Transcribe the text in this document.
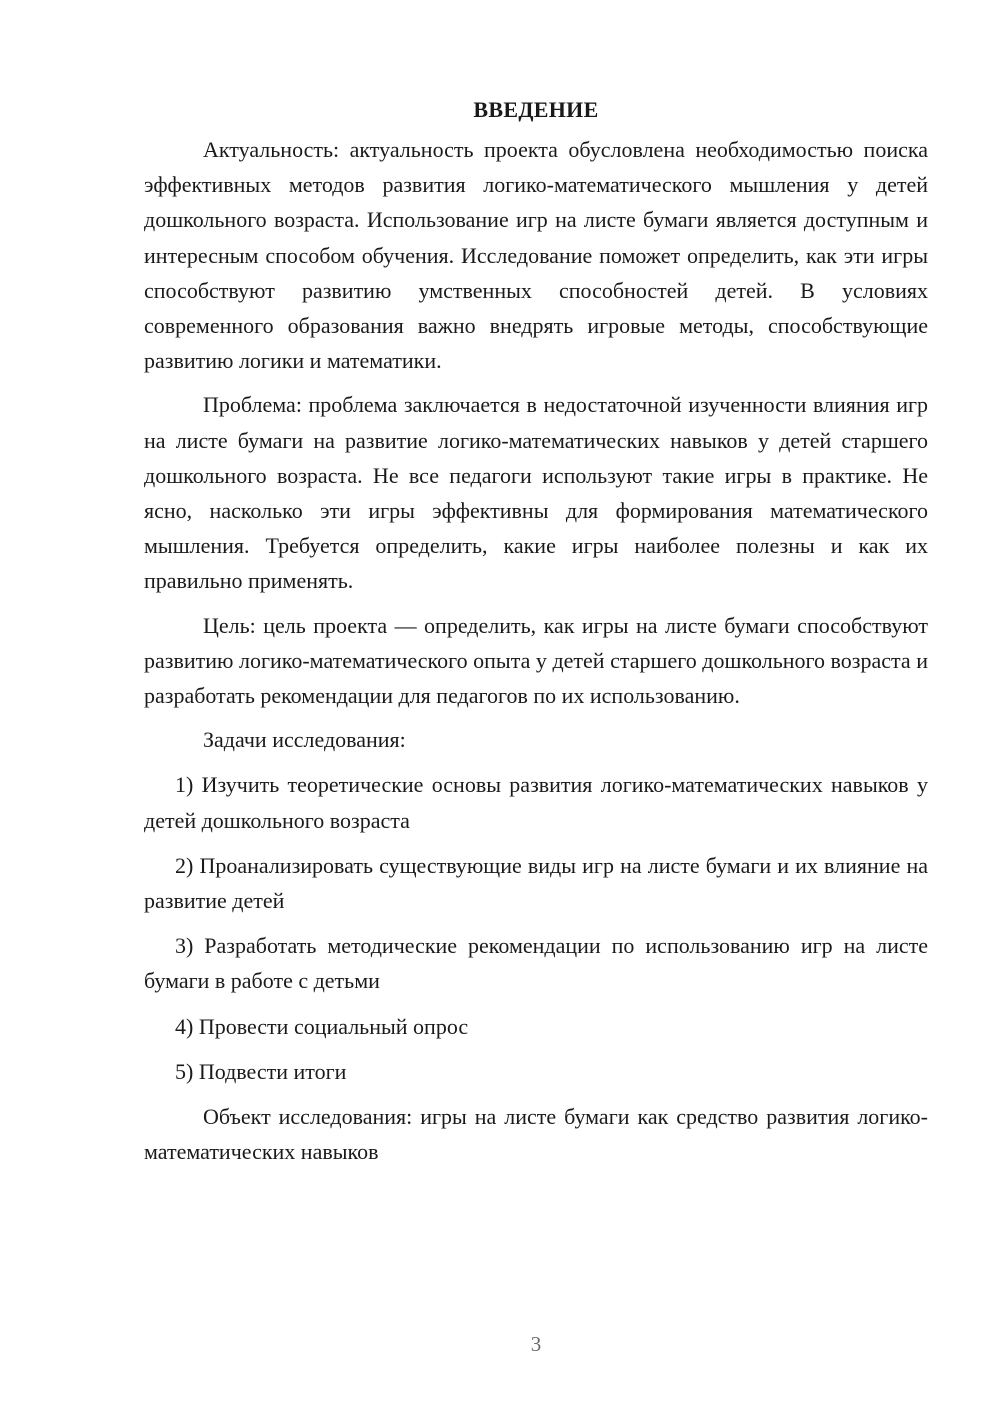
ВВЕДЕНИЕ

Актуальность: актуальность проекта обусловлена необходимостью поиска эффективных методов развития логико-математического мышления у детей дошкольного возраста. Использование игр на листе бумаги является доступным и интересным способом обучения. Исследование поможет определить, как эти игры способствуют развитию умственных способностей детей. В условиях современного образования важно внедрять игровые методы, способствующие развитию логики и математики.

Проблема: проблема заключается в недостаточной изученности влияния игр на листе бумаги на развитие логико-математических навыков у детей старшего дошкольного возраста. Не все педагоги используют такие игры в практике. Не ясно, насколько эти игры эффективны для формирования математического мышления. Требуется определить, какие игры наиболее полезны и как их правильно применять.

Цель: цель проекта — определить, как игры на листе бумаги способствуют развитию логико-математического опыта у детей старшего дошкольного возраста и разработать рекомендации для педагогов по их использованию.

Задачи исследования:

1) Изучить теоретические основы развития логико-математических навыков у детей дошкольного возраста

2) Проанализировать существующие виды игр на листе бумаги и их влияние на развитие детей

3) Разработать методические рекомендации по использованию игр на листе бумаги в работе с детьми

4) Провести социальный опрос

5) Подвести итоги

Объект исследования: игры на листе бумаги как средство развития логико-математических навыков

3
